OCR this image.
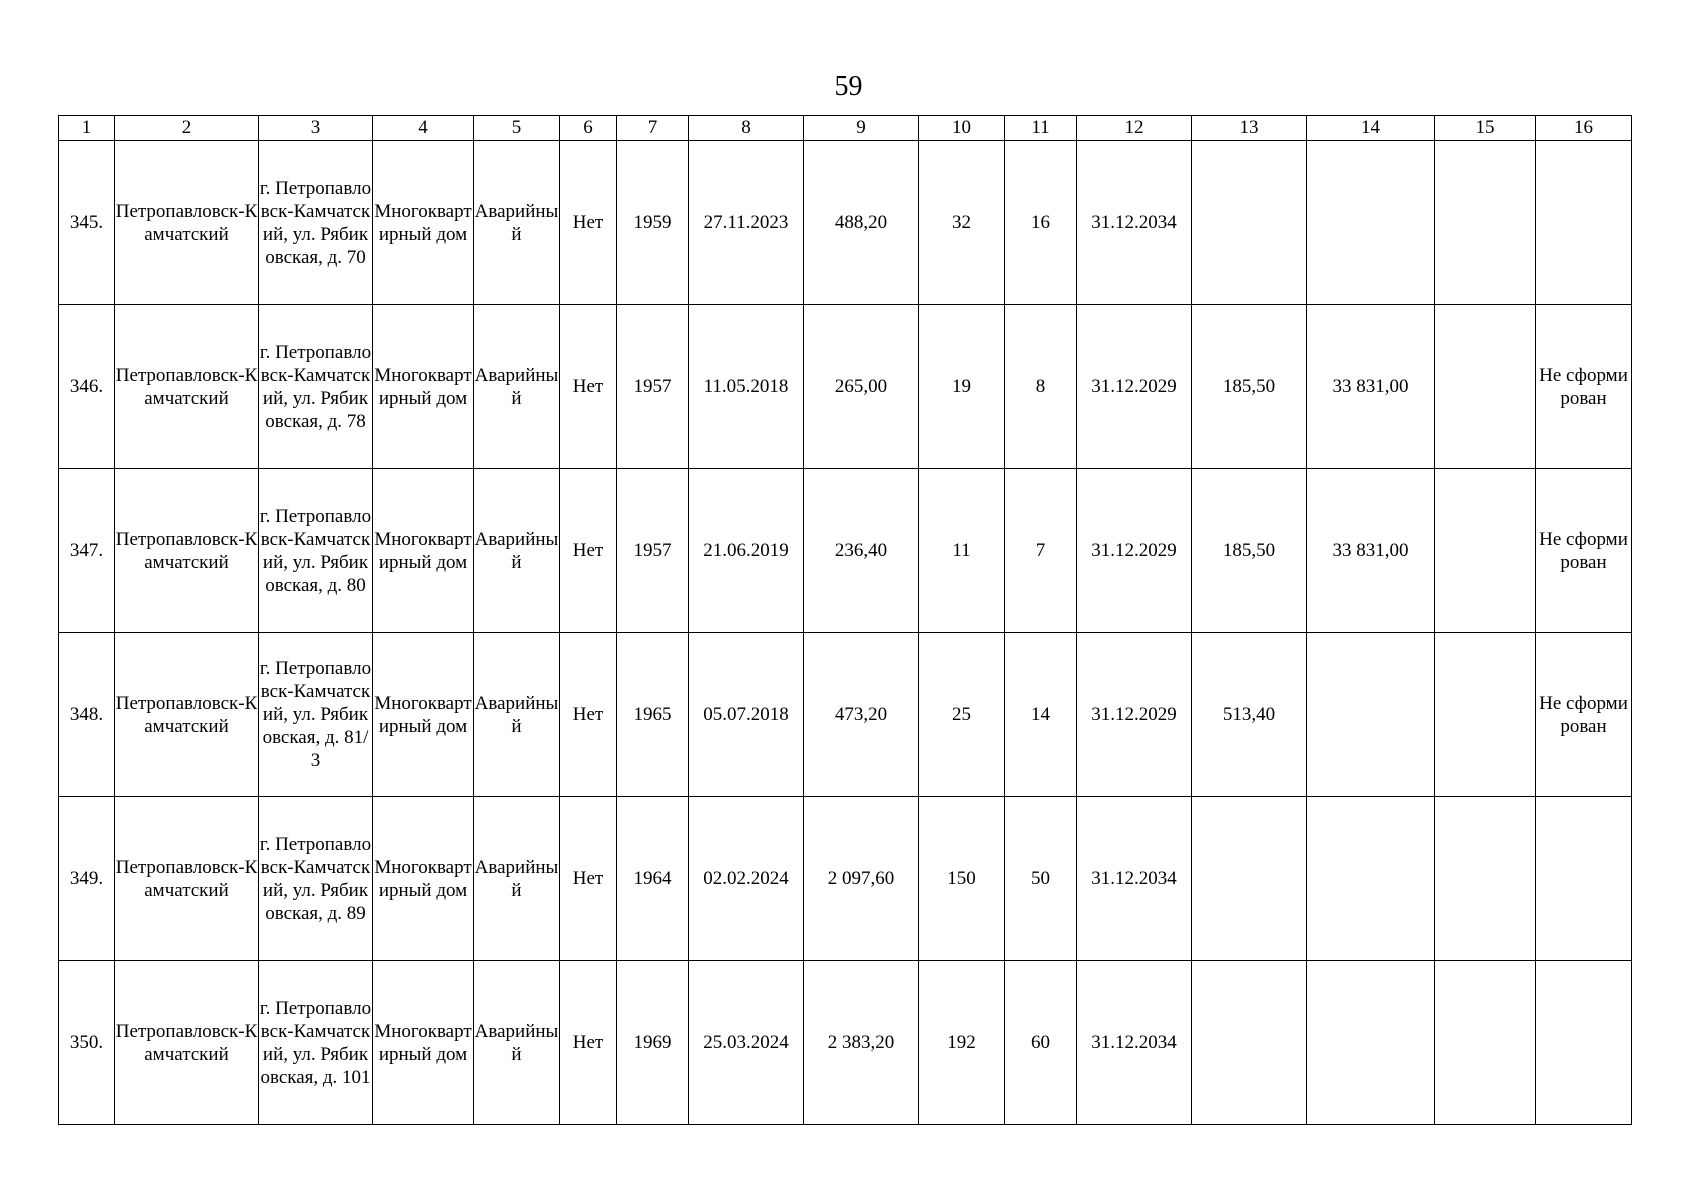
59
1	2	3	4	5	6	7	8	9	10	11	12	13	14	15	16
345.	Петропавловск-Камчатский	г. Петропавловск-Камчатский, ул. Рябиковская, д. 70	Многоквартирный дом	Аварийный	Нет	1959	27.11.2023	488,20	32	16	31.12.2034				
346.	Петропавловск-Камчатский	г. Петропавловск-Камчатский, ул. Рябиковская, д. 78	Многоквартирный дом	Аварийный	Нет	1957	11.05.2018	265,00	19	8	31.12.2029	185,50	33 831,00		Не сформирован
347.	Петропавловск-Камчатский	г. Петропавловск-Камчатский, ул. Рябиковская, д. 80	Многоквартирный дом	Аварийный	Нет	1957	21.06.2019	236,40	11	7	31.12.2029	185,50	33 831,00		Не сформирован
348.	Петропавловск-Камчатский	г. Петропавловск-Камчатский, ул. Рябиковская, д. 81/3	Многоквартирный дом	Аварийный	Нет	1965	05.07.2018	473,20	25	14	31.12.2029	513,40			Не сформирован
349.	Петропавловск-Камчатский	г. Петропавловск-Камчатский, ул. Рябиковская, д. 89	Многоквартирный дом	Аварийный	Нет	1964	02.02.2024	2 097,60	150	50	31.12.2034				
350.	Петропавловск-Камчатский	г. Петропавловск-Камчатский, ул. Рябиковская, д. 101	Многоквартирный дом	Аварийный	Нет	1969	25.03.2024	2 383,20	192	60	31.12.2034				
